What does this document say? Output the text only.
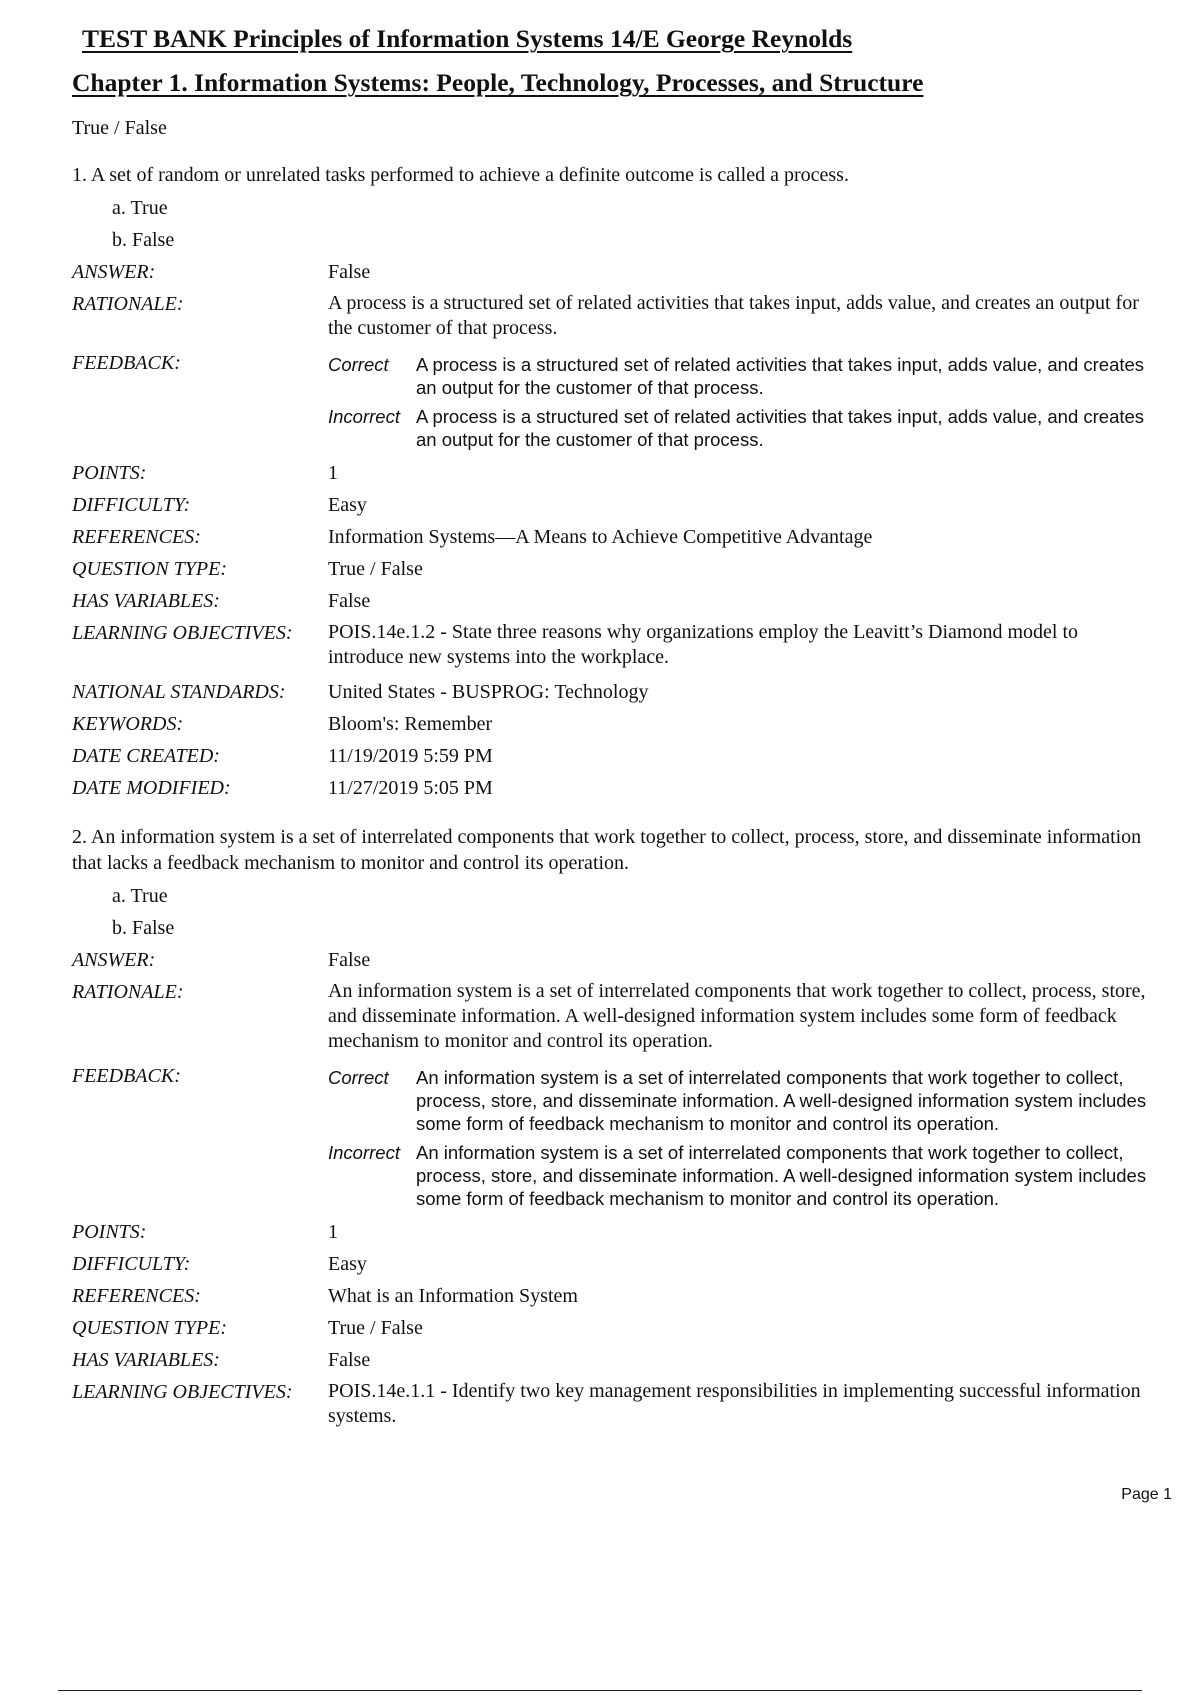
TEST BANK Principles of Information Systems 14/E George Reynolds
Chapter 1. Information Systems: People, Technology, Processes, and Structure
True / False
1. A set of random or unrelated tasks performed to achieve a definite outcome is called a process.
a. True
b. False
ANSWER:	False
RATIONALE:	A process is a structured set of related activities that takes input, adds value, and creates an output for the customer of that process.
FEEDBACK:	Correct	A process is a structured set of related activities that takes input, adds value, and creates an output for the customer of that process.
Incorrect A process is a structured set of related activities that takes input, adds value, and creates an output for the customer of that process.
POINTS:	1
DIFFICULTY:	Easy
REFERENCES:	Information Systems—A Means to Achieve Competitive Advantage
QUESTION TYPE:	True / False
HAS VARIABLES:	False
LEARNING OBJECTIVES:	POIS.14e.1.2 - State three reasons why organizations employ the Leavitt’s Diamond model to introduce new systems into the workplace.
NATIONAL STANDARDS:	United States - BUSPROG: Technology
KEYWORDS:	Bloom's: Remember
DATE CREATED:	11/19/2019 5:59 PM
DATE MODIFIED:	11/27/2019 5:05 PM
2. An information system is a set of interrelated components that work together to collect, process, store, and disseminate information that lacks a feedback mechanism to monitor and control its operation.
a. True
b. False
ANSWER:	False
RATIONALE:	An information system is a set of interrelated components that work together to collect, process, store, and disseminate information. A well-designed information system includes some form of feedback mechanism to monitor and control its operation.
FEEDBACK:	Correct	An information system is a set of interrelated components that work together to collect, process, store, and disseminate information. A well-designed information system includes some form of feedback mechanism to monitor and control its operation.
Incorrect An information system is a set of interrelated components that work together to collect, process, store, and disseminate information. A well-designed information system includes some form of feedback mechanism to monitor and control its operation.
POINTS:	1
DIFFICULTY:	Easy
REFERENCES:	What is an Information System
QUESTION TYPE:	True / False
HAS VARIABLES:	False
LEARNING OBJECTIVES:	POIS.14e.1.1 - Identify two key management responsibilities in implementing successful information systems.
Page 1
